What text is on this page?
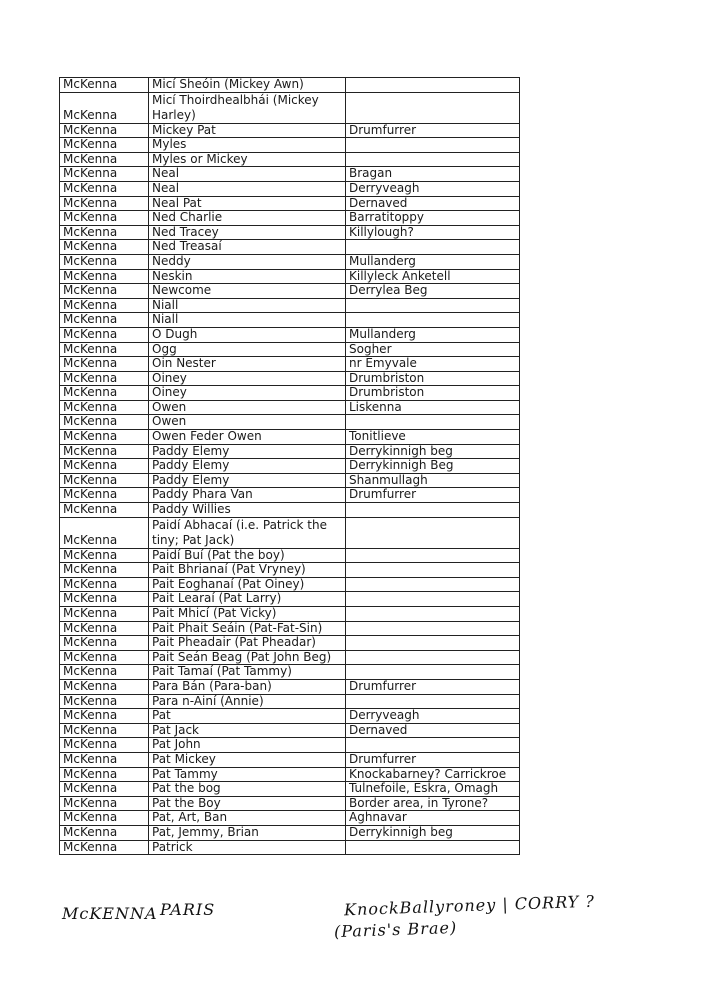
McKenna	Micí Sheóin (Mickey Awn)	
McKenna	Micí Thoirdhealbhái (Mickey Harley)	
McKenna	Mickey Pat	Drumfurrer
McKenna	Myles	
McKenna	Myles or Mickey	
McKenna	Neal	Bragan
McKenna	Neal	Derryveagh
McKenna	Neal Pat	Dernaved
McKenna	Ned Charlie	Barratitoppy
McKenna	Ned Tracey	Killylough?
McKenna	Ned Treasaí	
McKenna	Neddy	Mullanderg
McKenna	Neskin	Killyleck Anketell
McKenna	Newcome	Derrylea Beg
McKenna	Niall	
McKenna	Niall	
McKenna	O Dugh	Mullanderg
McKenna	Ogg	Sogher
McKenna	Oin Nester	nr Emyvale
McKenna	Oiney	Drumbriston
McKenna	Oiney	Drumbriston
McKenna	Owen	Liskenna
McKenna	Owen	
McKenna	Owen Feder Owen	Tonitlieve
McKenna	Paddy Elemy	Derrykinnigh beg
McKenna	Paddy Elemy	Derrykinnigh Beg
McKenna	Paddy Elemy	Shanmullagh
McKenna	Paddy Phara Van	Drumfurrer
McKenna	Paddy Willies	
McKenna	Paidí Abhacaí (i.e. Patrick the tiny; Pat Jack)	
McKenna	Paidí Buí (Pat the boy)	
McKenna	Pait Bhrianaí (Pat Vryney)	
McKenna	Pait Eoghanaí (Pat Oiney)	
McKenna	Pait Learaí (Pat Larry)	
McKenna	Pait Mhicí (Pat Vicky)	
McKenna	Pait Phait Seáin (Pat-Fat-Sin)	
McKenna	Pait Pheadair (Pat Pheadar)	
McKenna	Pait Seán Beag (Pat John Beg)	
McKenna	Pait Tamaí (Pat Tammy)	
McKenna	Para Bán (Para-ban)	Drumfurrer
McKenna	Para n-Ainí (Annie)	
McKenna	Pat	Derryveagh
McKenna	Pat Jack	Dernaved
McKenna	Pat John	
McKenna	Pat Mickey	Drumfurrer
McKenna	Pat Tammy	Knockabarney? Carrickroe
McKenna	Pat the bog	Tulnefoile, Eskra, Omagh
McKenna	Pat the Boy	Border area, in Tyrone?
McKenna	Pat, Art, Ban	Aghnavar
McKenna	Pat, Jemmy, Brian	Derrykinnigh beg
McKenna	Patrick	
McKENNA PARIS	KnockBallyroney | CORRY ?
(Paris's Brae)
